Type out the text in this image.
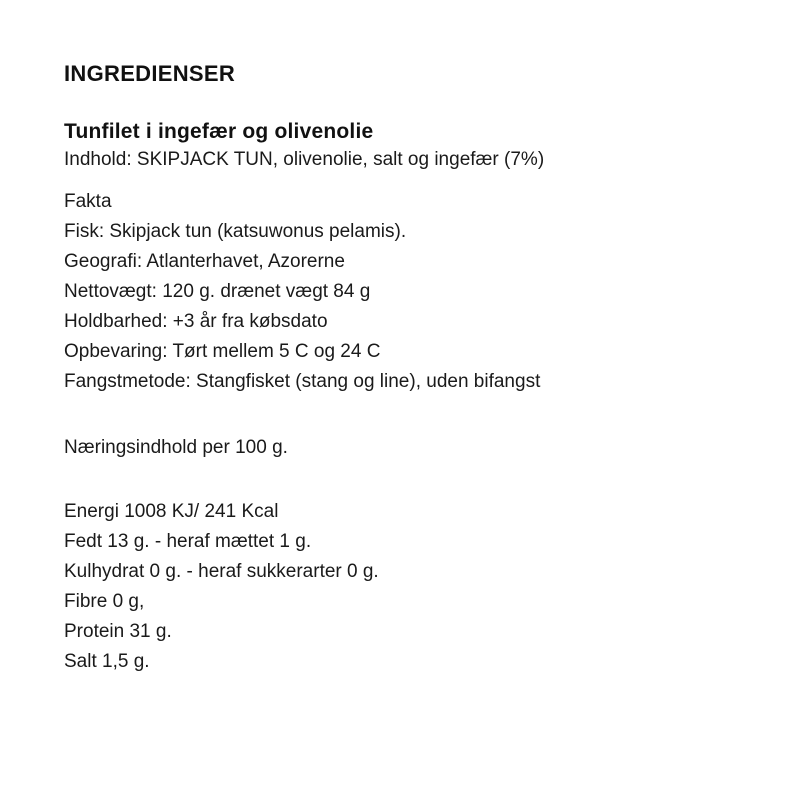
INGREDIENSER
Tunfilet i ingefær og olivenolie

Indhold: SKIPJACK TUN, olivenolie, salt og ingefær (7%)

Fakta

Fisk: Skipjack tun (katsuwonus pelamis).

Geografi: Atlanterhavet, Azorerne

Nettovægt: 120 g. drænet vægt 84 g

Holdbarhed: +3 år fra købsdato

Opbevaring: Tørt mellem 5 C og 24 C

Fangstmetode: Stangfisket (stang og line), uden bifangst

Næringsindhold per 100 g.

Energi 1008 KJ/ 241 Kcal

Fedt 13 g. - heraf mættet 1 g.

Kulhydrat 0 g. - heraf sukkerarter 0 g.

Fibre 0 g,

Protein 31 g.

Salt 1,5 g.
